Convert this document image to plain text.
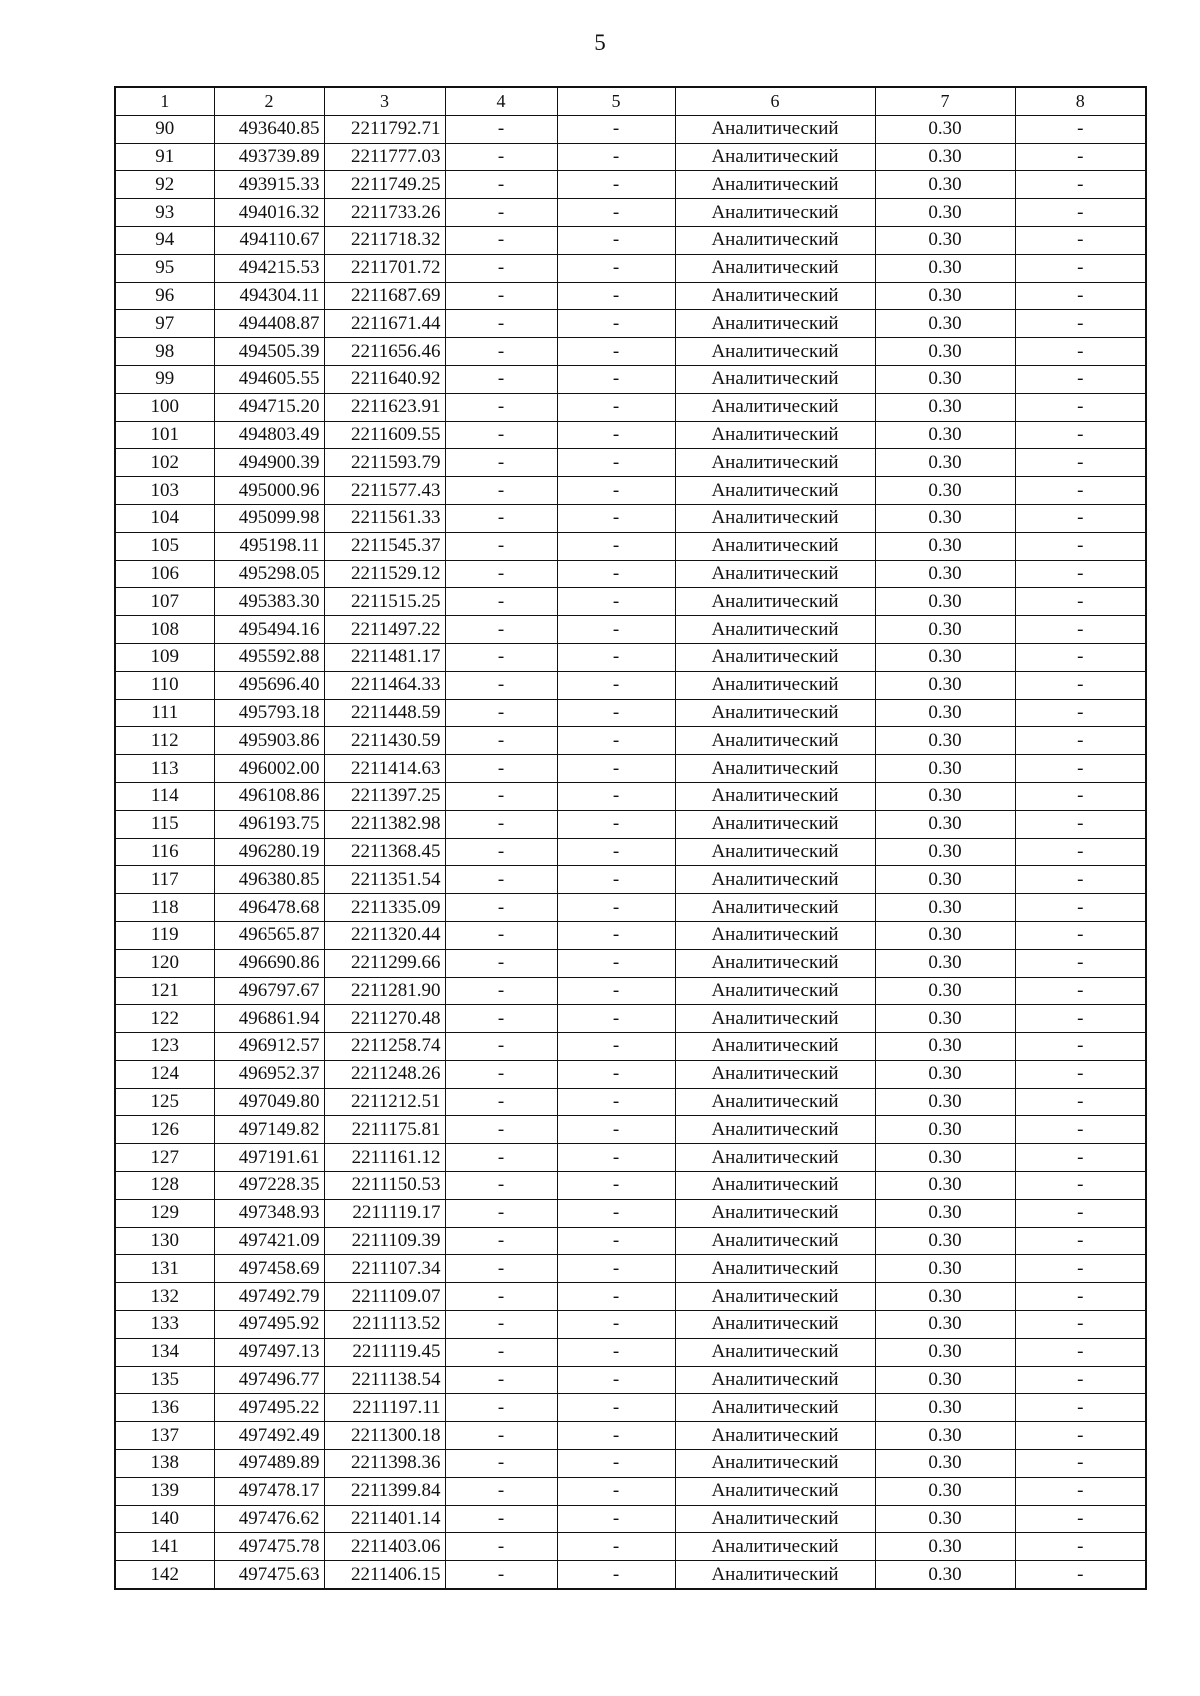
5
1	2	3	4	5	6	7	8
90	493640.85	2211792.71	-	-	Аналитический	0.30	-
91	493739.89	2211777.03	-	-	Аналитический	0.30	-
92	493915.33	2211749.25	-	-	Аналитический	0.30	-
93	494016.32	2211733.26	-	-	Аналитический	0.30	-
94	494110.67	2211718.32	-	-	Аналитический	0.30	-
95	494215.53	2211701.72	-	-	Аналитический	0.30	-
96	494304.11	2211687.69	-	-	Аналитический	0.30	-
97	494408.87	2211671.44	-	-	Аналитический	0.30	-
98	494505.39	2211656.46	-	-	Аналитический	0.30	-
99	494605.55	2211640.92	-	-	Аналитический	0.30	-
100	494715.20	2211623.91	-	-	Аналитический	0.30	-
101	494803.49	2211609.55	-	-	Аналитический	0.30	-
102	494900.39	2211593.79	-	-	Аналитический	0.30	-
103	495000.96	2211577.43	-	-	Аналитический	0.30	-
104	495099.98	2211561.33	-	-	Аналитический	0.30	-
105	495198.11	2211545.37	-	-	Аналитический	0.30	-
106	495298.05	2211529.12	-	-	Аналитический	0.30	-
107	495383.30	2211515.25	-	-	Аналитический	0.30	-
108	495494.16	2211497.22	-	-	Аналитический	0.30	-
109	495592.88	2211481.17	-	-	Аналитический	0.30	-
110	495696.40	2211464.33	-	-	Аналитический	0.30	-
111	495793.18	2211448.59	-	-	Аналитический	0.30	-
112	495903.86	2211430.59	-	-	Аналитический	0.30	-
113	496002.00	2211414.63	-	-	Аналитический	0.30	-
114	496108.86	2211397.25	-	-	Аналитический	0.30	-
115	496193.75	2211382.98	-	-	Аналитический	0.30	-
116	496280.19	2211368.45	-	-	Аналитический	0.30	-
117	496380.85	2211351.54	-	-	Аналитический	0.30	-
118	496478.68	2211335.09	-	-	Аналитический	0.30	-
119	496565.87	2211320.44	-	-	Аналитический	0.30	-
120	496690.86	2211299.66	-	-	Аналитический	0.30	-
121	496797.67	2211281.90	-	-	Аналитический	0.30	-
122	496861.94	2211270.48	-	-	Аналитический	0.30	-
123	496912.57	2211258.74	-	-	Аналитический	0.30	-
124	496952.37	2211248.26	-	-	Аналитический	0.30	-
125	497049.80	2211212.51	-	-	Аналитический	0.30	-
126	497149.82	2211175.81	-	-	Аналитический	0.30	-
127	497191.61	2211161.12	-	-	Аналитический	0.30	-
128	497228.35	2211150.53	-	-	Аналитический	0.30	-
129	497348.93	2211119.17	-	-	Аналитический	0.30	-
130	497421.09	2211109.39	-	-	Аналитический	0.30	-
131	497458.69	2211107.34	-	-	Аналитический	0.30	-
132	497492.79	2211109.07	-	-	Аналитический	0.30	-
133	497495.92	2211113.52	-	-	Аналитический	0.30	-
134	497497.13	2211119.45	-	-	Аналитический	0.30	-
135	497496.77	2211138.54	-	-	Аналитический	0.30	-
136	497495.22	2211197.11	-	-	Аналитический	0.30	-
137	497492.49	2211300.18	-	-	Аналитический	0.30	-
138	497489.89	2211398.36	-	-	Аналитический	0.30	-
139	497478.17	2211399.84	-	-	Аналитический	0.30	-
140	497476.62	2211401.14	-	-	Аналитический	0.30	-
141	497475.78	2211403.06	-	-	Аналитический	0.30	-
142	497475.63	2211406.15	-	-	Аналитический	0.30	-
